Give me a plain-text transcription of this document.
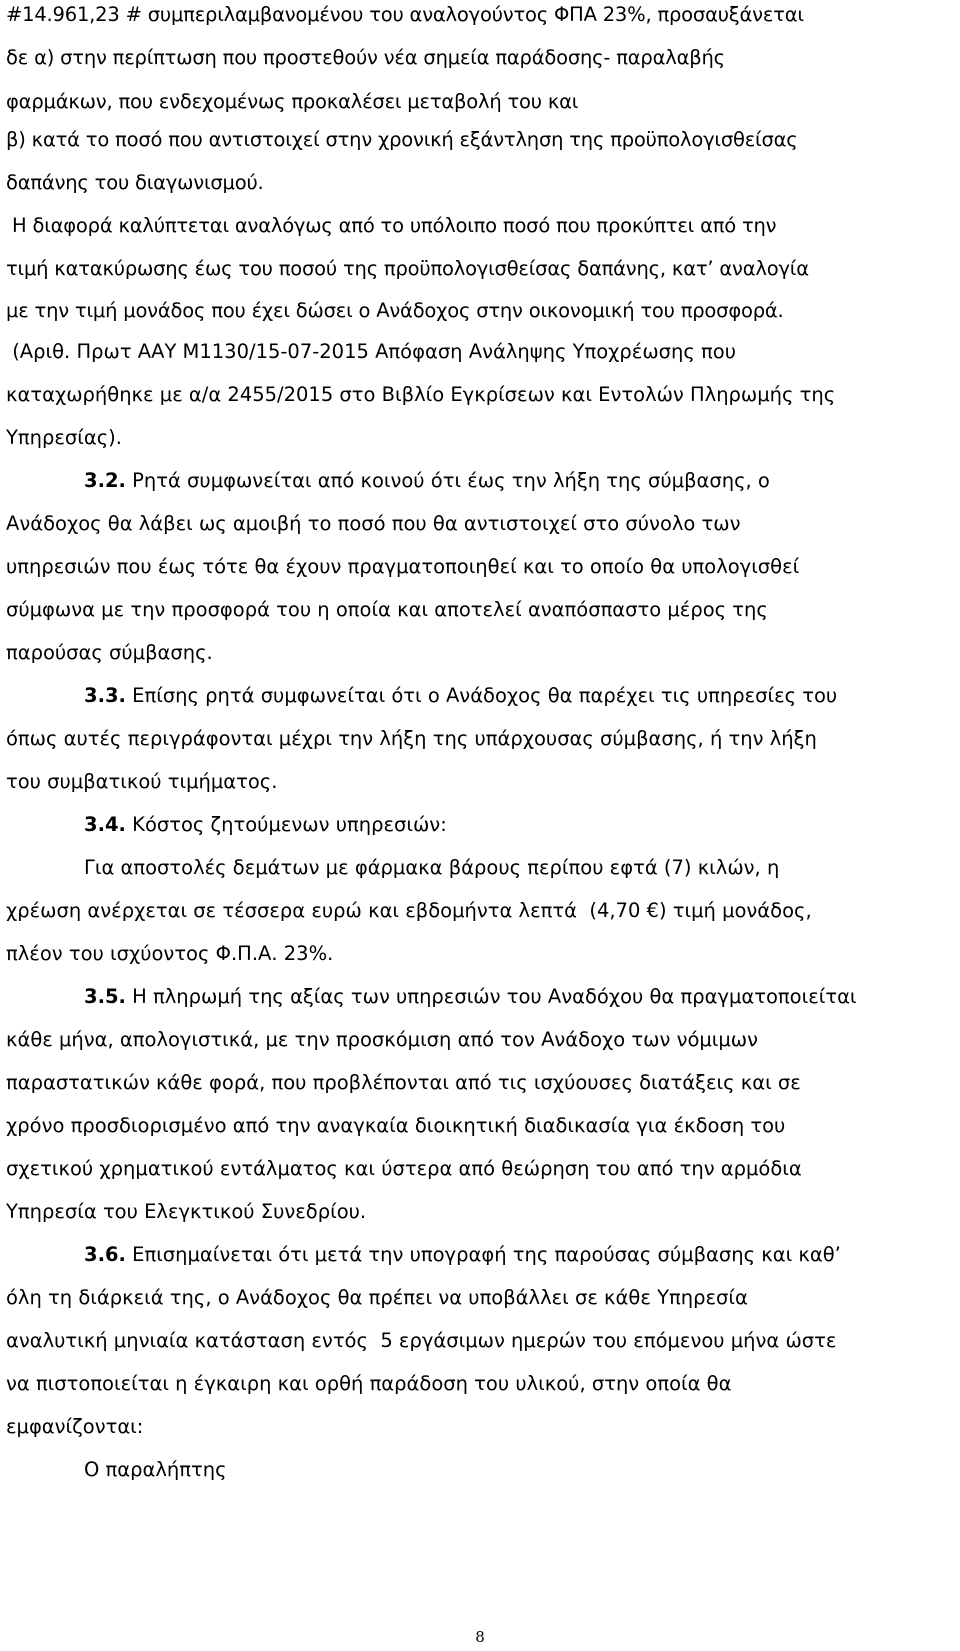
#14.961,23 # συμπεριλαμβανομένου του αναλογούντος ΦΠΑ 23%, προσαυξάνεται

δε α) στην περίπτωση που προστεθούν νέα σημεία παράδοσης- παραλαβής

φαρμάκων, που ενδεχομένως προκαλέσει μεταβολή του και

β) κατά το ποσό που αντιστοιχεί στην χρονική εξάντληση της προϋπολογισθείσας

δαπάνης του διαγωνισμού.

Η διαφορά καλύπτεται αναλόγως από το υπόλοιπο ποσό που προκύπτει από την

τιμή κατακύρωσης έως του ποσού της προϋπολογισθείσας δαπάνης, κατ’ αναλογία

με την τιμή μονάδος που έχει δώσει ο Ανάδοχος στην οικονομική του προσφορά.

(Αριθ. Πρωτ ΑΑΥ Μ1130/15-07-2015 Απόφαση Ανάληψης Υποχρέωσης που

καταχωρήθηκε με α/α 2455/2015 στο Βιβλίο Εγκρίσεων και Εντολών Πληρωμής της

Υπηρεσίας).

3.2. Ρητά συμφωνείται από κοινού ότι έως την λήξη της σύμβασης, ο

Ανάδοχος θα λάβει ως αμοιβή το ποσό που θα αντιστοιχεί στο σύνολο των

υπηρεσιών που έως τότε θα έχουν πραγματοποιηθεί και το οποίο θα υπολογισθεί

σύμφωνα με την προσφορά του η οποία και αποτελεί αναπόσπαστο μέρος της

παρούσας σύμβασης.

3.3. Επίσης ρητά συμφωνείται ότι ο Ανάδοχος θα παρέχει τις υπηρεσίες του

όπως αυτές περιγράφονται μέχρι την λήξη της υπάρχουσας σύμβασης, ή την λήξη

του συμβατικού τιμήματος.

3.4. Κόστος ζητούμενων υπηρεσιών:

Για αποστολές δεμάτων με φάρμακα βάρους περίπου εφτά (7) κιλών, η

χρέωση ανέρχεται σε τέσσερα ευρώ και εβδομήντα λεπτά  (4,70 €) τιμή μονάδος,

πλέον του ισχύοντος Φ.Π.Α. 23%.

3.5. Η πληρωμή της αξίας των υπηρεσιών του Αναδόχου θα πραγματοποιείται

κάθε μήνα, απολογιστικά, με την προσκόμιση από τον Ανάδοχο των νόμιμων

παραστατικών κάθε φορά, που προβλέπονται από τις ισχύουσες διατάξεις και σε

χρόνο προσδιορισμένο από την αναγκαία διοικητική διαδικασία για έκδοση του

σχετικού χρηματικού εντάλματος και ύστερα από θεώρηση του από την αρμόδια

Υπηρεσία του Ελεγκτικού Συνεδρίου.

3.6. Επισημαίνεται ότι μετά την υπογραφή της παρούσας σύμβασης και καθ’

όλη τη διάρκειά της, ο Ανάδοχος θα πρέπει να υποβάλλει σε κάθε Υπηρεσία

αναλυτική μηνιαία κατάσταση εντός  5 εργάσιμων ημερών του επόμενου μήνα ώστε

να πιστοποιείται η έγκαιρη και ορθή παράδοση του υλικού, στην οποία θα

εμφανίζονται:

Ο παραλήπτης

8
